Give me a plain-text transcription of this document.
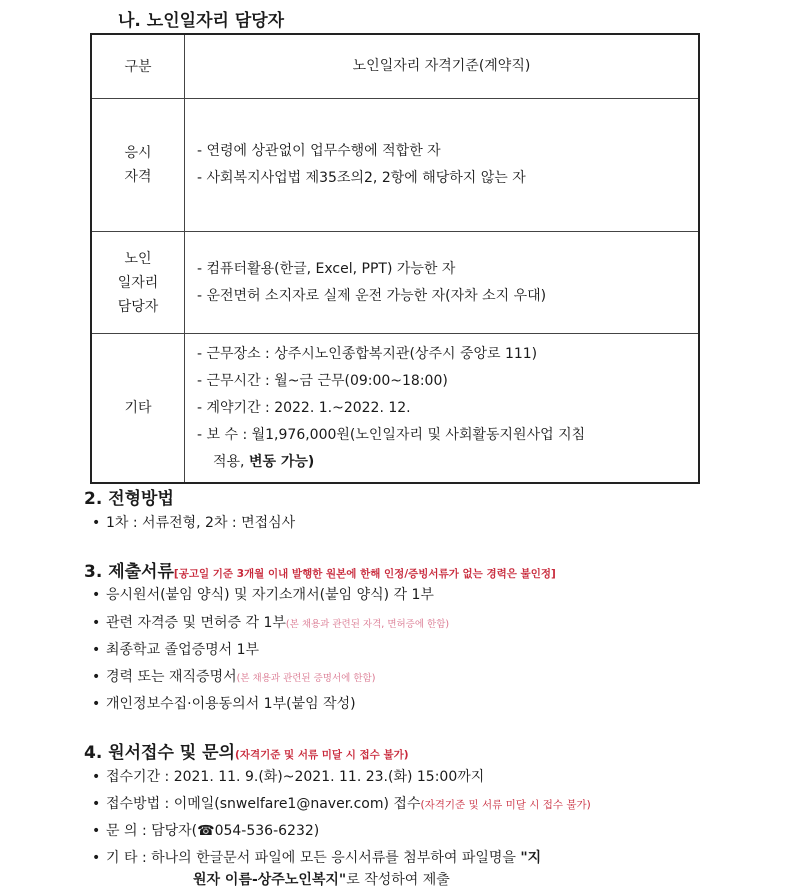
나. 노인일자리 담당자
구분	노인일자리 자격기준(계약직)
응시
자격
- 연령에 상관없이 업무수행에 적합한 자
- 사회복지사업법 제35조의2, 2항에 해당하지 않는 자
노인
일자리
담당자
- 컴퓨터활용(한글, Excel, PPT) 가능한 자
- 운전면허 소지자로 실제 운전 가능한 자(자차 소지 우대)
기타
- 근무장소 : 상주시노인종합복지관(상주시 중앙로 111)
- 근무시간 : 월~금 근무(09:00~18:00)
- 계약기간 : 2022. 1.~2022. 12.
- 보 수 : 월1,976,000원(노인일자리 및 사회활동지원사업 지침
적용, 변동 가능)
2. 전형방법
• 1차 : 서류전형, 2차 : 면접심사
3. 제출서류[공고일 기준 3개월 이내 발행한 원본에 한해 인정/증빙서류가 없는 경력은 불인정]
• 응시원서(붙임 양식) 및 자기소개서(붙임 양식) 각 1부
• 관련 자격증 및 면허증 각 1부(본 채용과 관련된 자격, 면허증에 한함)
• 최종학교 졸업증명서 1부
• 경력 또는 재직증명서(본 채용과 관련된 증명서에 한함)
• 개인정보수집·이용동의서 1부(붙임 작성)
4. 원서접수 및 문의(자격기준 및 서류 미달 시 접수 불가)
• 접수기간 : 2021. 11. 9.(화)~2021. 11. 23.(화) 15:00까지
• 접수방법 : 이메일(snwelfare1@naver.com) 접수(자격기준 및 서류 미달 시 접수 불가)
• 문 의 : 담당자(☎054-536-6232)
• 기 타 : 하나의 한글문서 파일에 모든 응시서류를 첨부하여 파일명을 "지
원자 이름-상주노인복지"로 작성하여 제출
